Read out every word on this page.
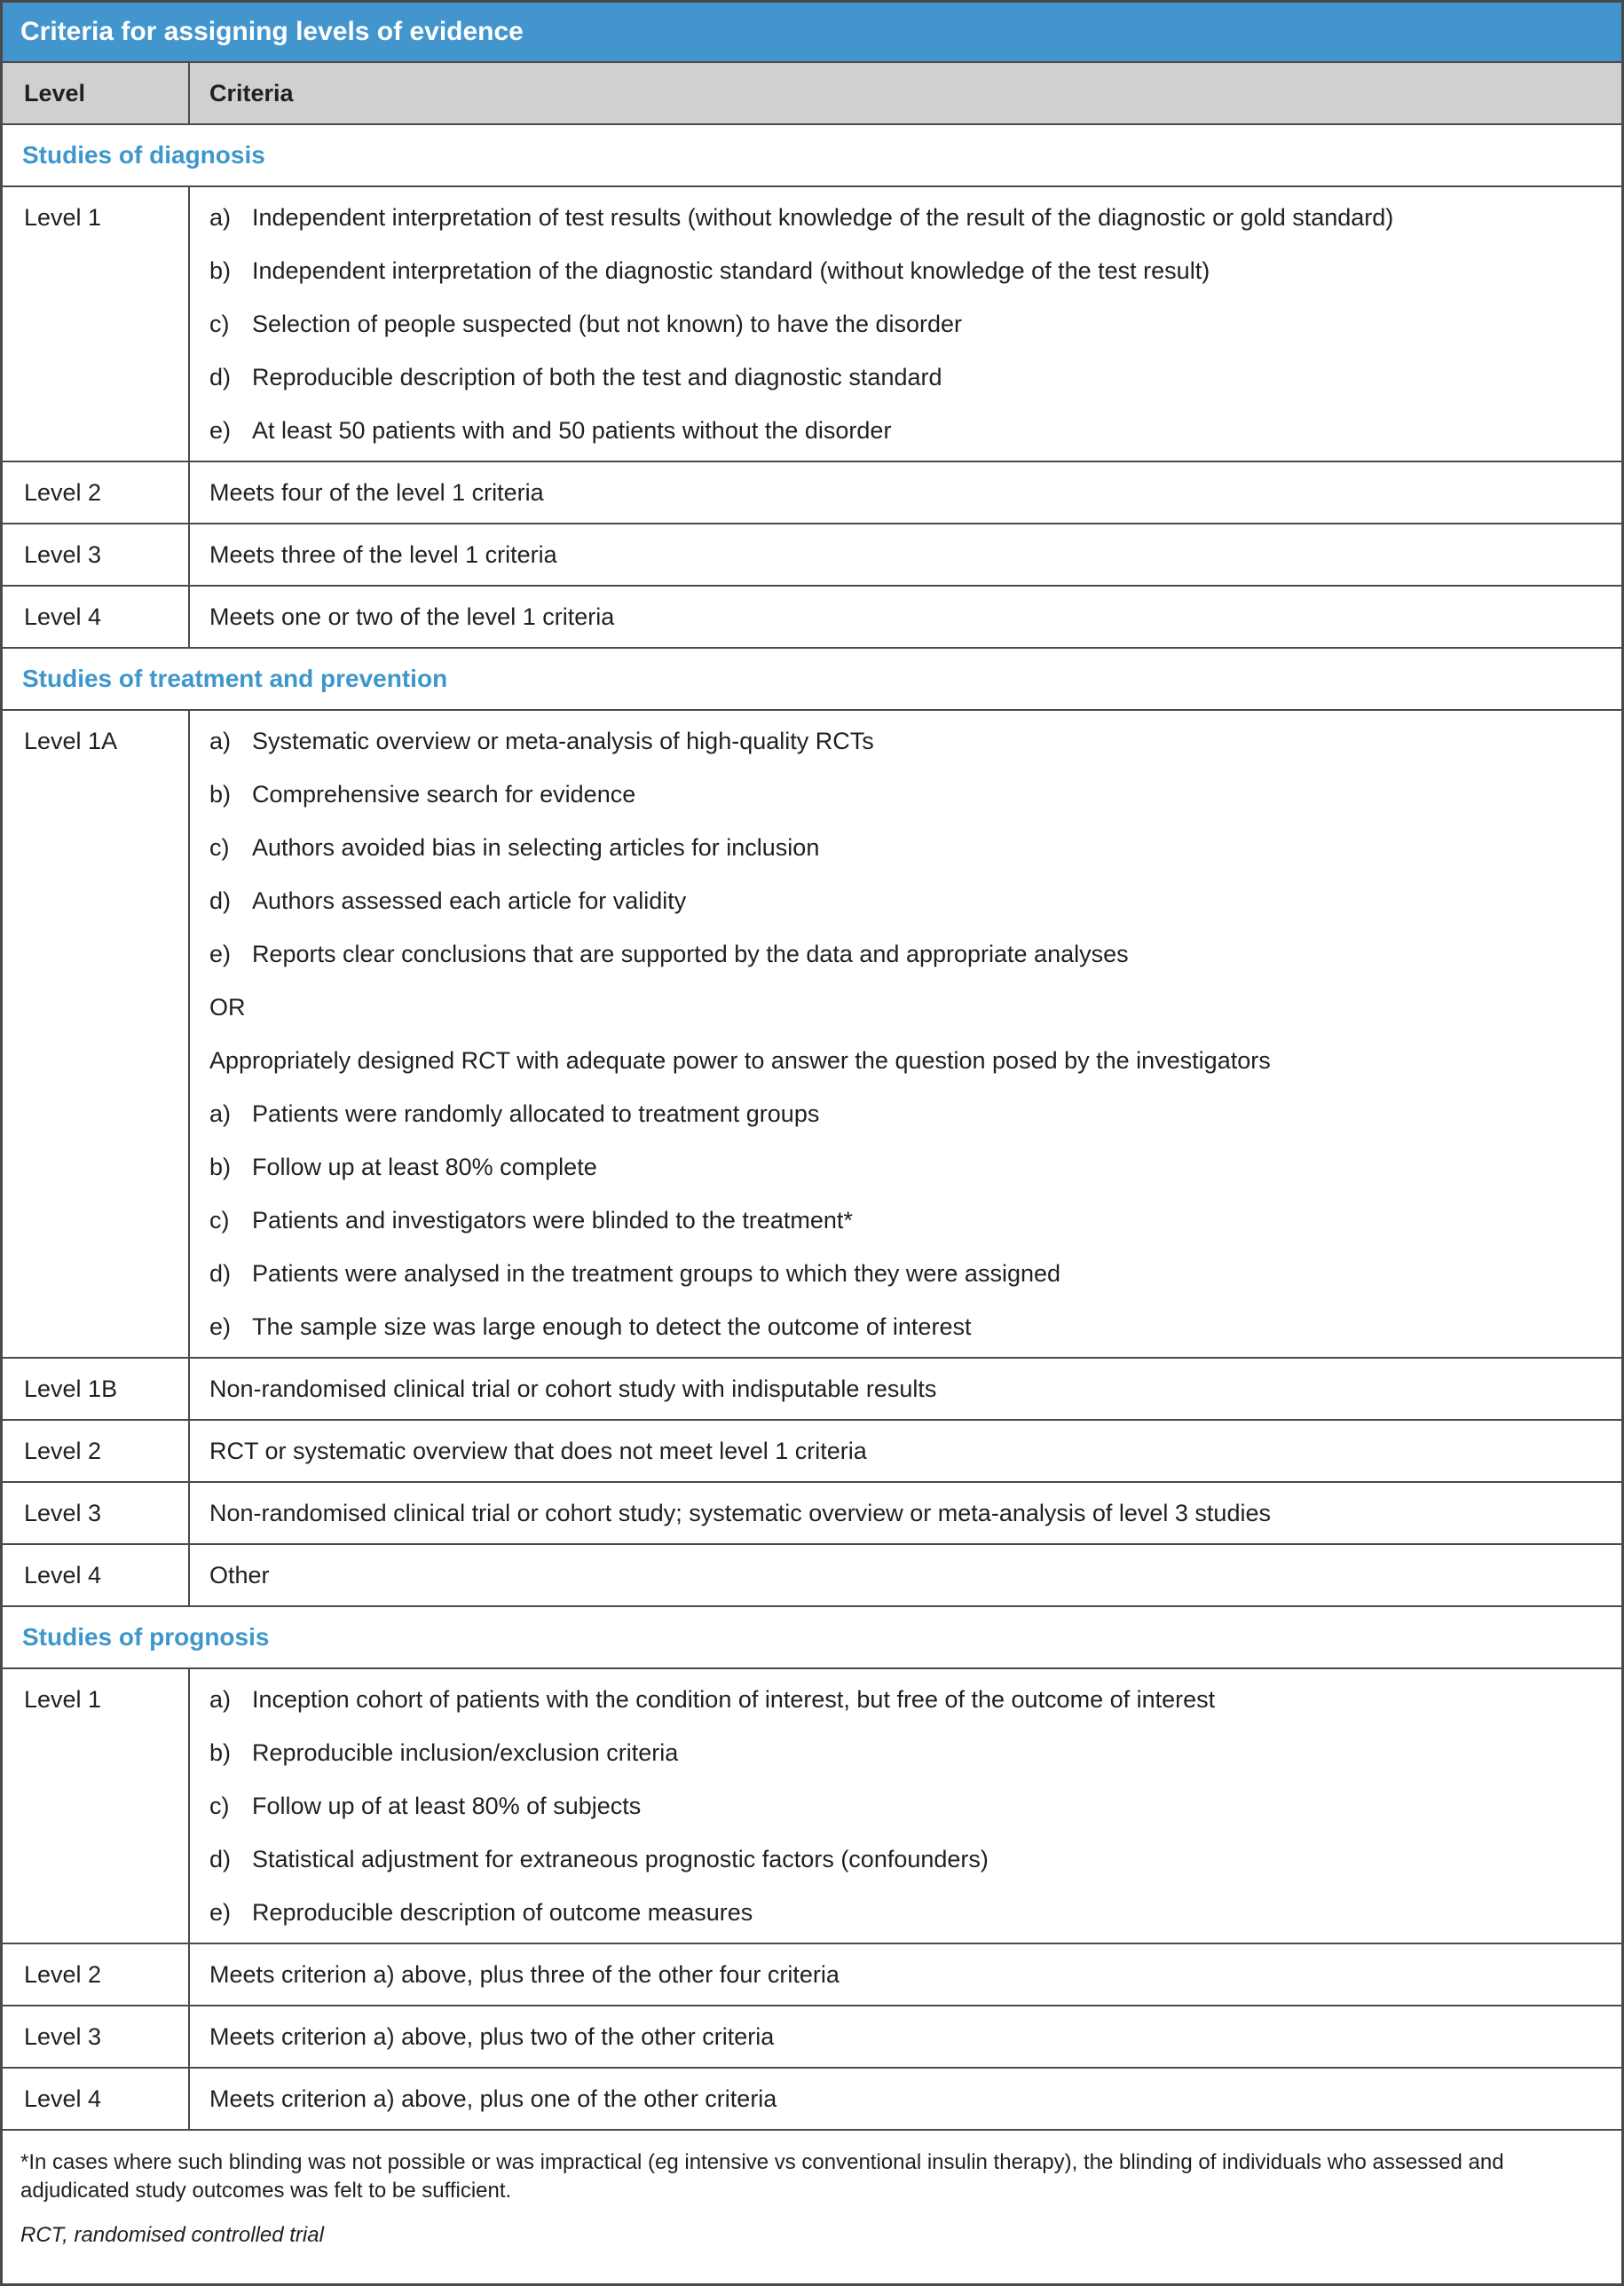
Criteria for assigning levels of evidence
Level	Criteria
Studies of diagnosis
Level 1	a) Independent interpretation of test results (without knowledge of the result of the diagnostic or gold standard)
b) Independent interpretation of the diagnostic standard (without knowledge of the test result)
c) Selection of people suspected (but not known) to have the disorder
d) Reproducible description of both the test and diagnostic standard
e) At least 50 patients with and 50 patients without the disorder
Level 2	Meets four of the level 1 criteria
Level 3	Meets three of the level 1 criteria
Level 4	Meets one or two of the level 1 criteria
Studies of treatment and prevention
Level 1A	a) Systematic overview or meta-analysis of high-quality RCTs
b) Comprehensive search for evidence
c) Authors avoided bias in selecting articles for inclusion
d) Authors assessed each article for validity
e) Reports clear conclusions that are supported by the data and appropriate analyses
OR
Appropriately designed RCT with adequate power to answer the question posed by the investigators
a) Patients were randomly allocated to treatment groups
b) Follow up at least 80% complete
c) Patients and investigators were blinded to the treatment*
d) Patients were analysed in the treatment groups to which they were assigned
e) The sample size was large enough to detect the outcome of interest
Level 1B	Non-randomised clinical trial or cohort study with indisputable results
Level 2	RCT or systematic overview that does not meet level 1 criteria
Level 3	Non-randomised clinical trial or cohort study; systematic overview or meta-analysis of level 3 studies
Level 4	Other
Studies of prognosis
Level 1	a) Inception cohort of patients with the condition of interest, but free of the outcome of interest
b) Reproducible inclusion/exclusion criteria
c) Follow up of at least 80% of subjects
d) Statistical adjustment for extraneous prognostic factors (confounders)
e) Reproducible description of outcome measures
Level 2	Meets criterion a) above, plus three of the other four criteria
Level 3	Meets criterion a) above, plus two of the other criteria
Level 4	Meets criterion a) above, plus one of the other criteria
*In cases where such blinding was not possible or was impractical (eg intensive vs conventional insulin therapy), the blinding of individuals who assessed and adjudicated study outcomes was felt to be sufficient.
RCT, randomised controlled trial
